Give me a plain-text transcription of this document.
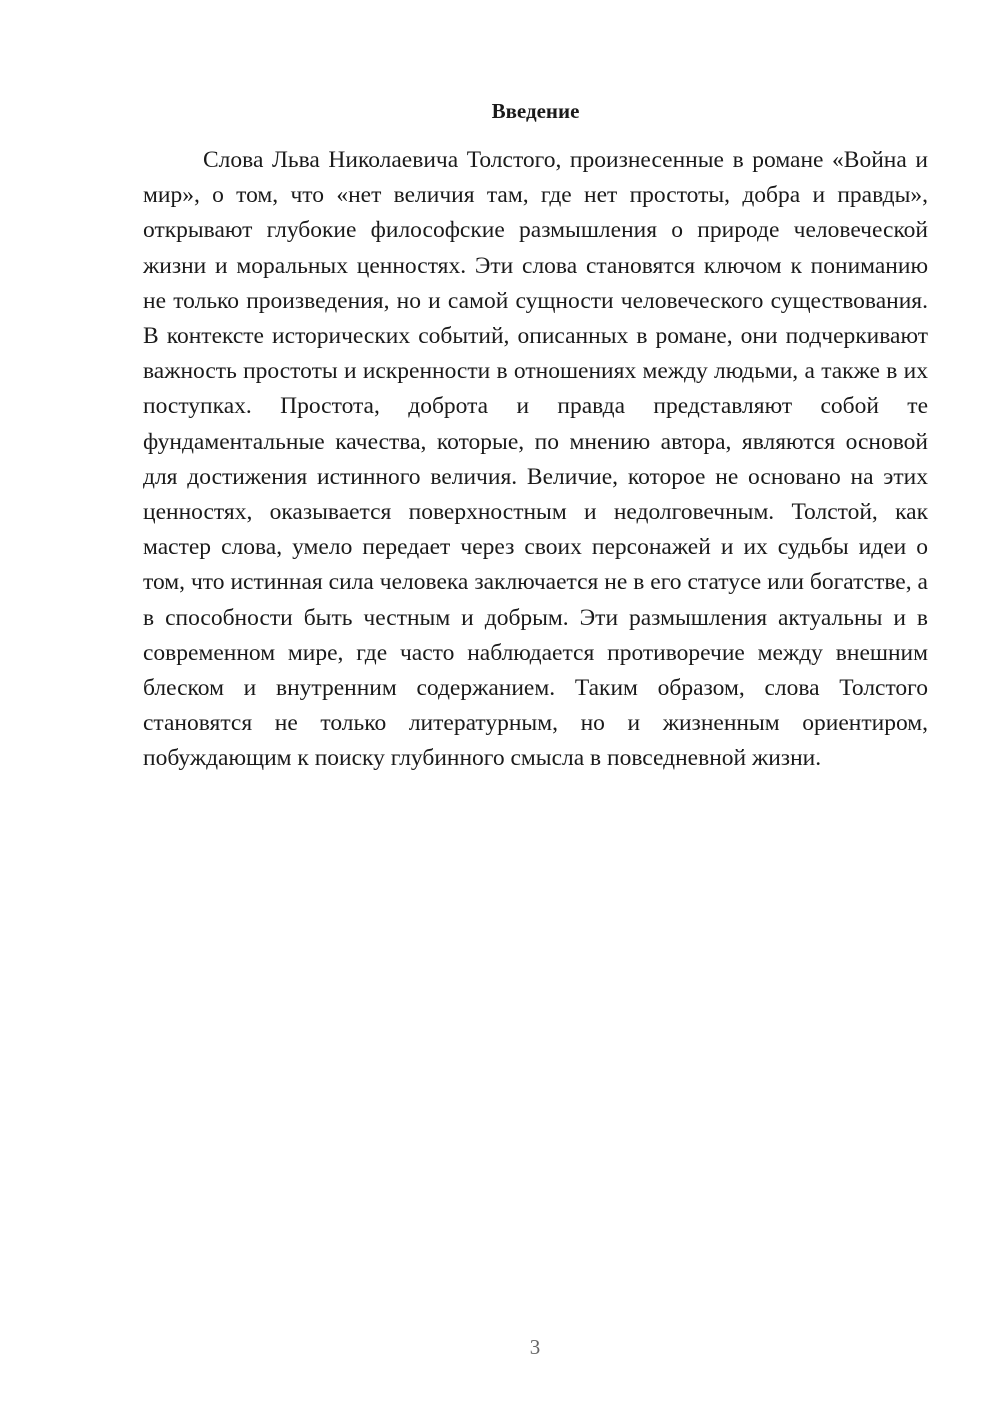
Введение

Слова Льва Николаевича Толстого, произнесенные в романе «Война и мир», о том, что «нет величия там, где нет простоты, добра и правды», открывают глубокие философские размышления о природе человеческой жизни и моральных ценностях. Эти слова становятся ключом к пониманию не только произведения, но и самой сущности человеческого существования. В контексте исторических событий, описанных в романе, они подчеркивают важность простоты и искренности в отношениях между людьми, а также в их поступках. Простота, доброта и правда представляют собой те фундаментальные качества, которые, по мнению автора, являются основой для достижения истинного величия. Величие, которое не основано на этих ценностях, оказывается поверхностным и недолговечным. Толстой, как мастер слова, умело передает через своих персонажей и их судьбы идеи о том, что истинная сила человека заключается не в его статусе или богатстве, а в способности быть честным и добрым. Эти размышления актуальны и в современном мире, где часто наблюдается противоречие между внешним блеском и внутренним содержанием. Таким образом, слова Толстого становятся не только литературным, но и жизненным ориентиром, побуждающим к поиску глубинного смысла в повседневной жизни.

3
